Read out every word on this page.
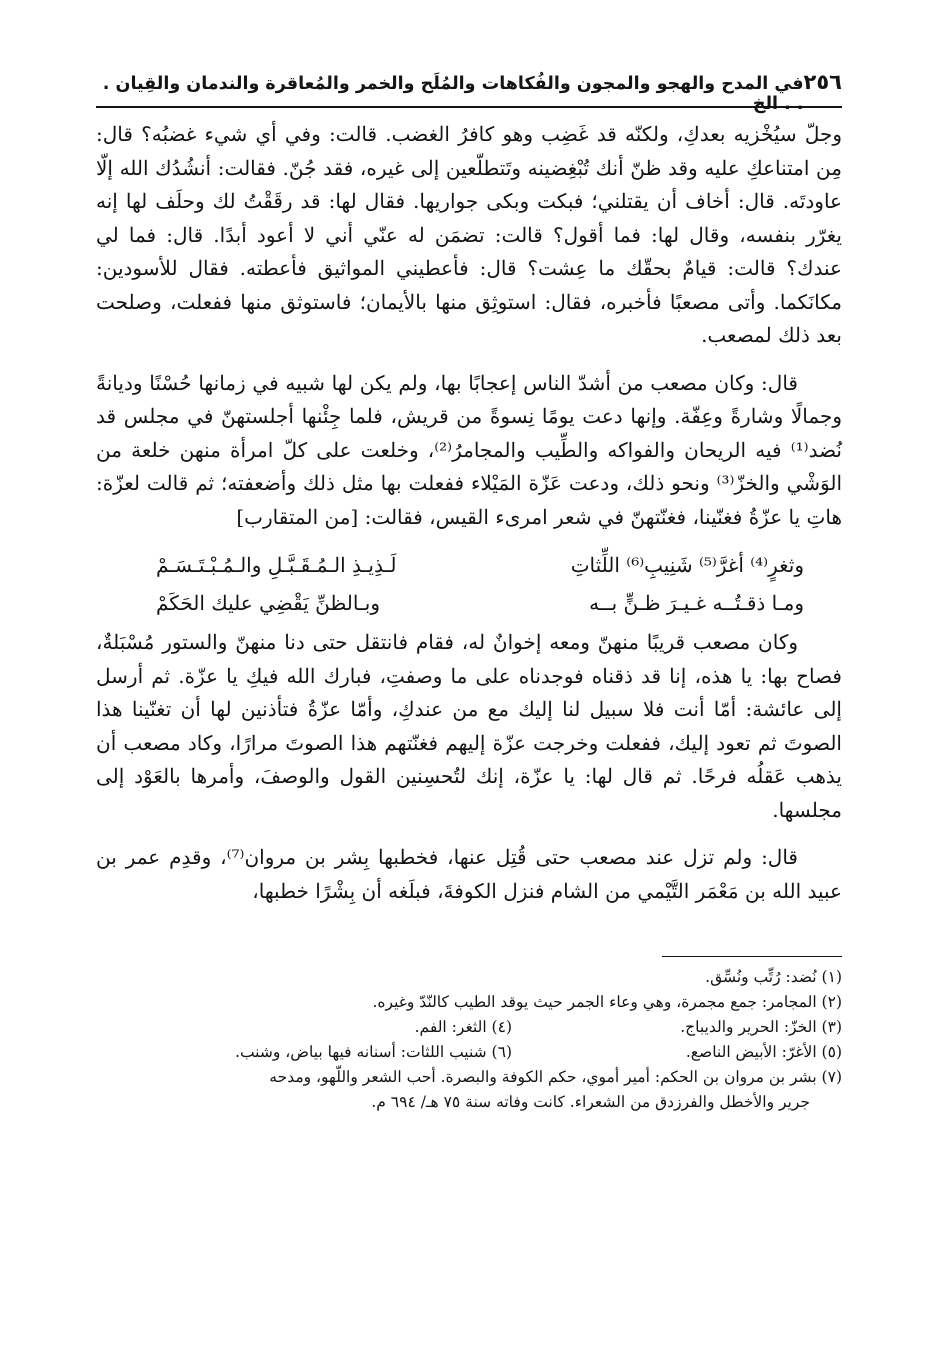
٢٥٦
في المدح والهجو والمجون والفُكاهات والمُلَح والخمر والمُعاقرة والندمان والقِيان . . . الخ

وجلّ سيُخْزيه بعدكِ، ولكنّه قد غَضِب وهو كافرُ الغضب. قالت: وفي أي شيء غضبُه؟ قال: مِن امتناعكِ عليه وقد ظنّ أنك تُبْغِضينه وتَتطلّعين إلى غيره، فقد جُنّ. فقالت: أنشُدُك الله إلّا عاودتَه. قال: أخاف أن يقتلني؛ فبكت وبكى جواريها. فقال لها: قد رقَقْتُ لك وحلَف لها إنه يغرّر بنفسه، وقال لها: فما أقول؟ قالت: تضمَن له عنّي أني لا أعود أبدًا. قال: فما لي عندك؟ قالت: قيامٌ بحقّك ما عِشت؟ قال: فأعطيني المواثيق فأعطته. فقال للأسودين: مكانَكما. وأتى مصعبًا فأخبره، فقال: استوثِق منها بالأيمان؛ فاستوثق منها ففعلت، وصلحت بعد ذلك لمصعب.

قال: وكان مصعب من أشدّ الناس إعجابًا بها، ولم يكن لها شبيه في زمانها حُسْنًا وديانةً وجمالًا وشارةً وعِفّة. وإنها دعت يومًا نِسوةً من قريش، فلما جِئْنها أجلستهنّ في مجلس قد نُضد⁽¹⁾ فيه الريحان والفواكه والطِّيب والمجامرُ⁽²⁾، وخلعت على كلّ امرأة منهن خلعة من الوَشْي والخزّ⁽³⁾ ونحو ذلك، ودعت عَزّة المَيْلاء ففعلت بها مثل ذلك وأضعفته؛ ثم قالت لعزّة: هاتِ يا عزّةُ فغنّينا، فغنّتهنّ في شعر امرىء القيس، فقالت: [من المتقارب]

وثغرٍ⁽⁴⁾ أغرَّ⁽⁵⁾ شَنِيبِ⁽⁶⁾ اللِّثاتِ
لَـذِيـذِ الـمُـقَـبَّـلِ والـمُـبْـتَـسَـمْ
ومـا ذقـتُــه غـيـرَ ظـنٍّ بــه
وبـالظنِّ يَقْضِي عليك الحَكَمْ

وكان مصعب قريبًا منهنّ ومعه إخوانٌ له، فقام فانتقل حتى دنا منهنّ والستور مُسْبَلةٌ، فصاح بها: يا هذه، إنا قد ذقناه فوجدناه على ما وصفتِ، فبارك الله فيكِ يا عزّة. ثم أرسل إلى عائشة: أمّا أنت فلا سبيل لنا إليك مع من عندكِ، وأمّا عزّةُ فتأذنين لها أن تغنّينا هذا الصوتَ ثم تعود إليك، ففعلت وخرجت عزّة إليهم فغنّتهم هذا الصوتَ مرارًا، وكاد مصعب أن يذهب عَقلُه فرحًا. ثم قال لها: يا عزّة، إنك لتُحسِنين القول والوصفَ، وأمرها بالعَوْد إلى مجلسها.

قال: ولم تزل عند مصعب حتى قُتِل عنها، فخطبها بِشر بن مروان⁽⁷⁾، وقدِم عمر بن عبيد الله بن مَعْمَر التَّيْمي من الشام فنزل الكوفةَ، فبلَغه أن بِشْرًا خطبها،

(١) نُضد: رُتِّب ونُسِّق.

(٢) المجامر: جمع مجمرة، وهي وعاء الجمر حيث يوقد الطيب كالنّدّ وغيره.

(٣) الخزّ: الحرير والديباج.
(٤) الثغر: الفم.
(٥) الأغرّ: الأبيض الناصع.
(٦) شنيب اللثات: أسنانه فيها بياض، وشنب.

(٧) بشر بن مروان بن الحكم: أمير أموي، حكم الكوفة والبصرة. أحب الشعر واللّهو، ومدحه

جرير والأخطل والفرزدق من الشعراء. كانت وفاته سنة ٧٥ هـ/ ٦٩٤ م.
